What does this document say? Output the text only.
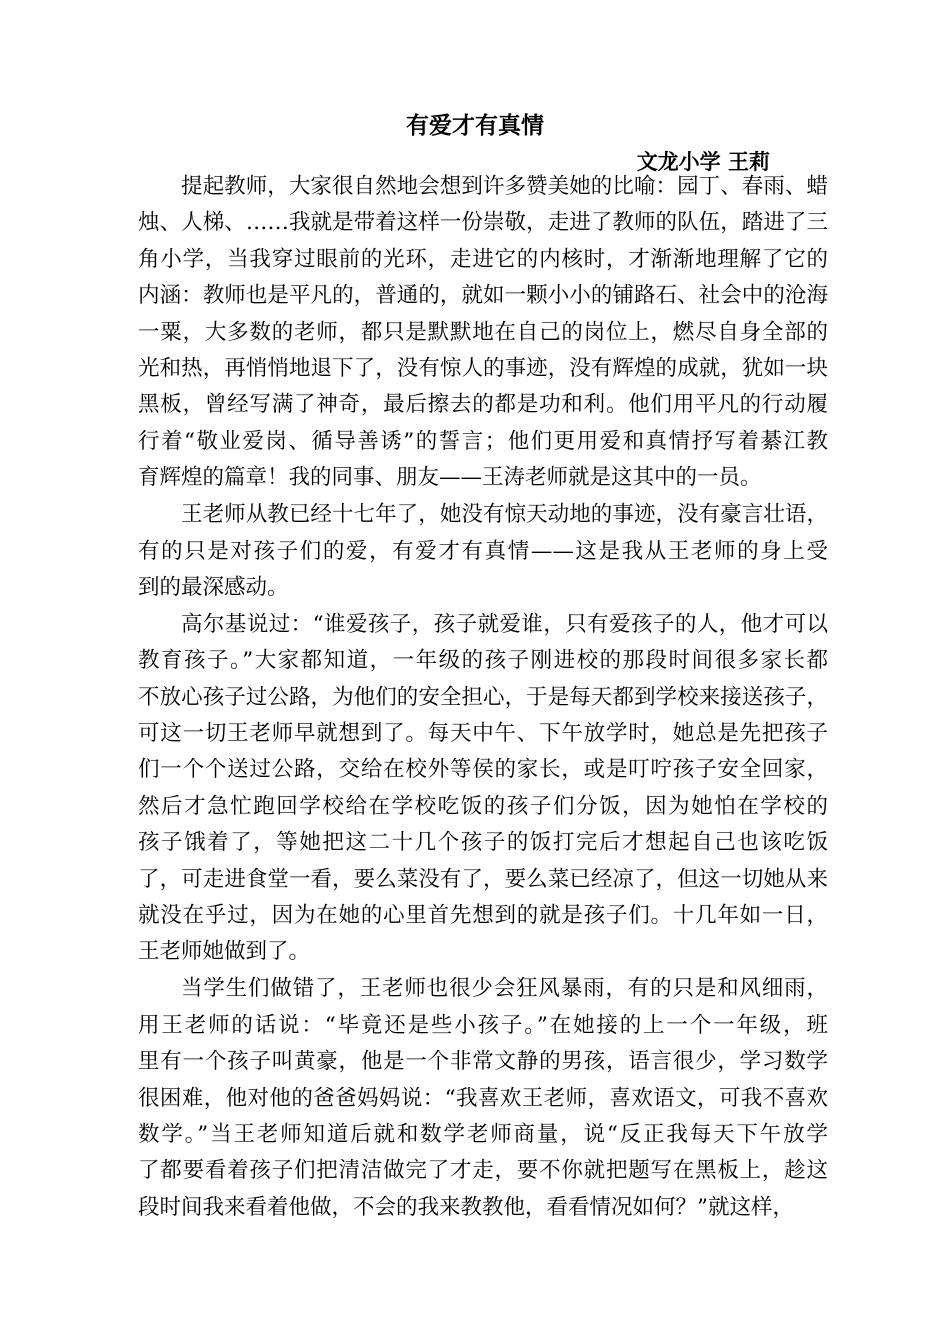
有爱才有真情
文龙小学 王莉
提起教师，大家很自然地会想到许多赞美她的比喻：园丁、春雨、蜡
烛、人梯、……我就是带着这样一份崇敬，走进了教师的队伍，踏进了三
角小学，当我穿过眼前的光环，走进它的内核时，才渐渐地理解了它的
内涵：教师也是平凡的，普通的，就如一颗小小的铺路石、社会中的沧海
一粟，大多数的老师，都只是默默地在自己的岗位上，燃尽自身全部的
光和热，再悄悄地退下了，没有惊人的事迹，没有辉煌的成就，犹如一块
黑板，曾经写满了神奇，最后擦去的都是功和利。他们用平凡的行动履
行着“敬业爱岗、循导善诱”的誓言；他们更用爱和真情抒写着綦江教
育辉煌的篇章！我的同事、朋友——王涛老师就是这其中的一员。
王老师从教已经十七年了，她没有惊天动地的事迹，没有豪言壮语，
有的只是对孩子们的爱，有爱才有真情——这是我从王老师的身上受
到的最深感动。
高尔基说过：“谁爱孩子，孩子就爱谁，只有爱孩子的人，他才可以
教育孩子。”大家都知道，一年级的孩子刚进校的那段时间很多家长都
不放心孩子过公路，为他们的安全担心，于是每天都到学校来接送孩子，
可这一切王老师早就想到了。每天中午、下午放学时，她总是先把孩子
们一个个送过公路，交给在校外等侯的家长，或是叮咛孩子安全回家，
然后才急忙跑回学校给在学校吃饭的孩子们分饭，因为她怕在学校的
孩子饿着了，等她把这二十几个孩子的饭打完后才想起自己也该吃饭
了，可走进食堂一看，要么菜没有了，要么菜已经凉了，但这一切她从来
就没在乎过，因为在她的心里首先想到的就是孩子们。十几年如一日，
王老师她做到了。
当学生们做错了，王老师也很少会狂风暴雨，有的只是和风细雨，
用王老师的话说：“毕竟还是些小孩子。”在她接的上一个一年级，班
里有一个孩子叫黄豪，他是一个非常文静的男孩，语言很少，学习数学
很困难，他对他的爸爸妈妈说：“我喜欢王老师，喜欢语文，可我不喜欢
数学。”当王老师知道后就和数学老师商量，说“反正我每天下午放学
了都要看着孩子们把清洁做完了才走，要不你就把题写在黑板上，趁这
段时间我来看着他做，不会的我来教教他，看看情况如何？”就这样，
